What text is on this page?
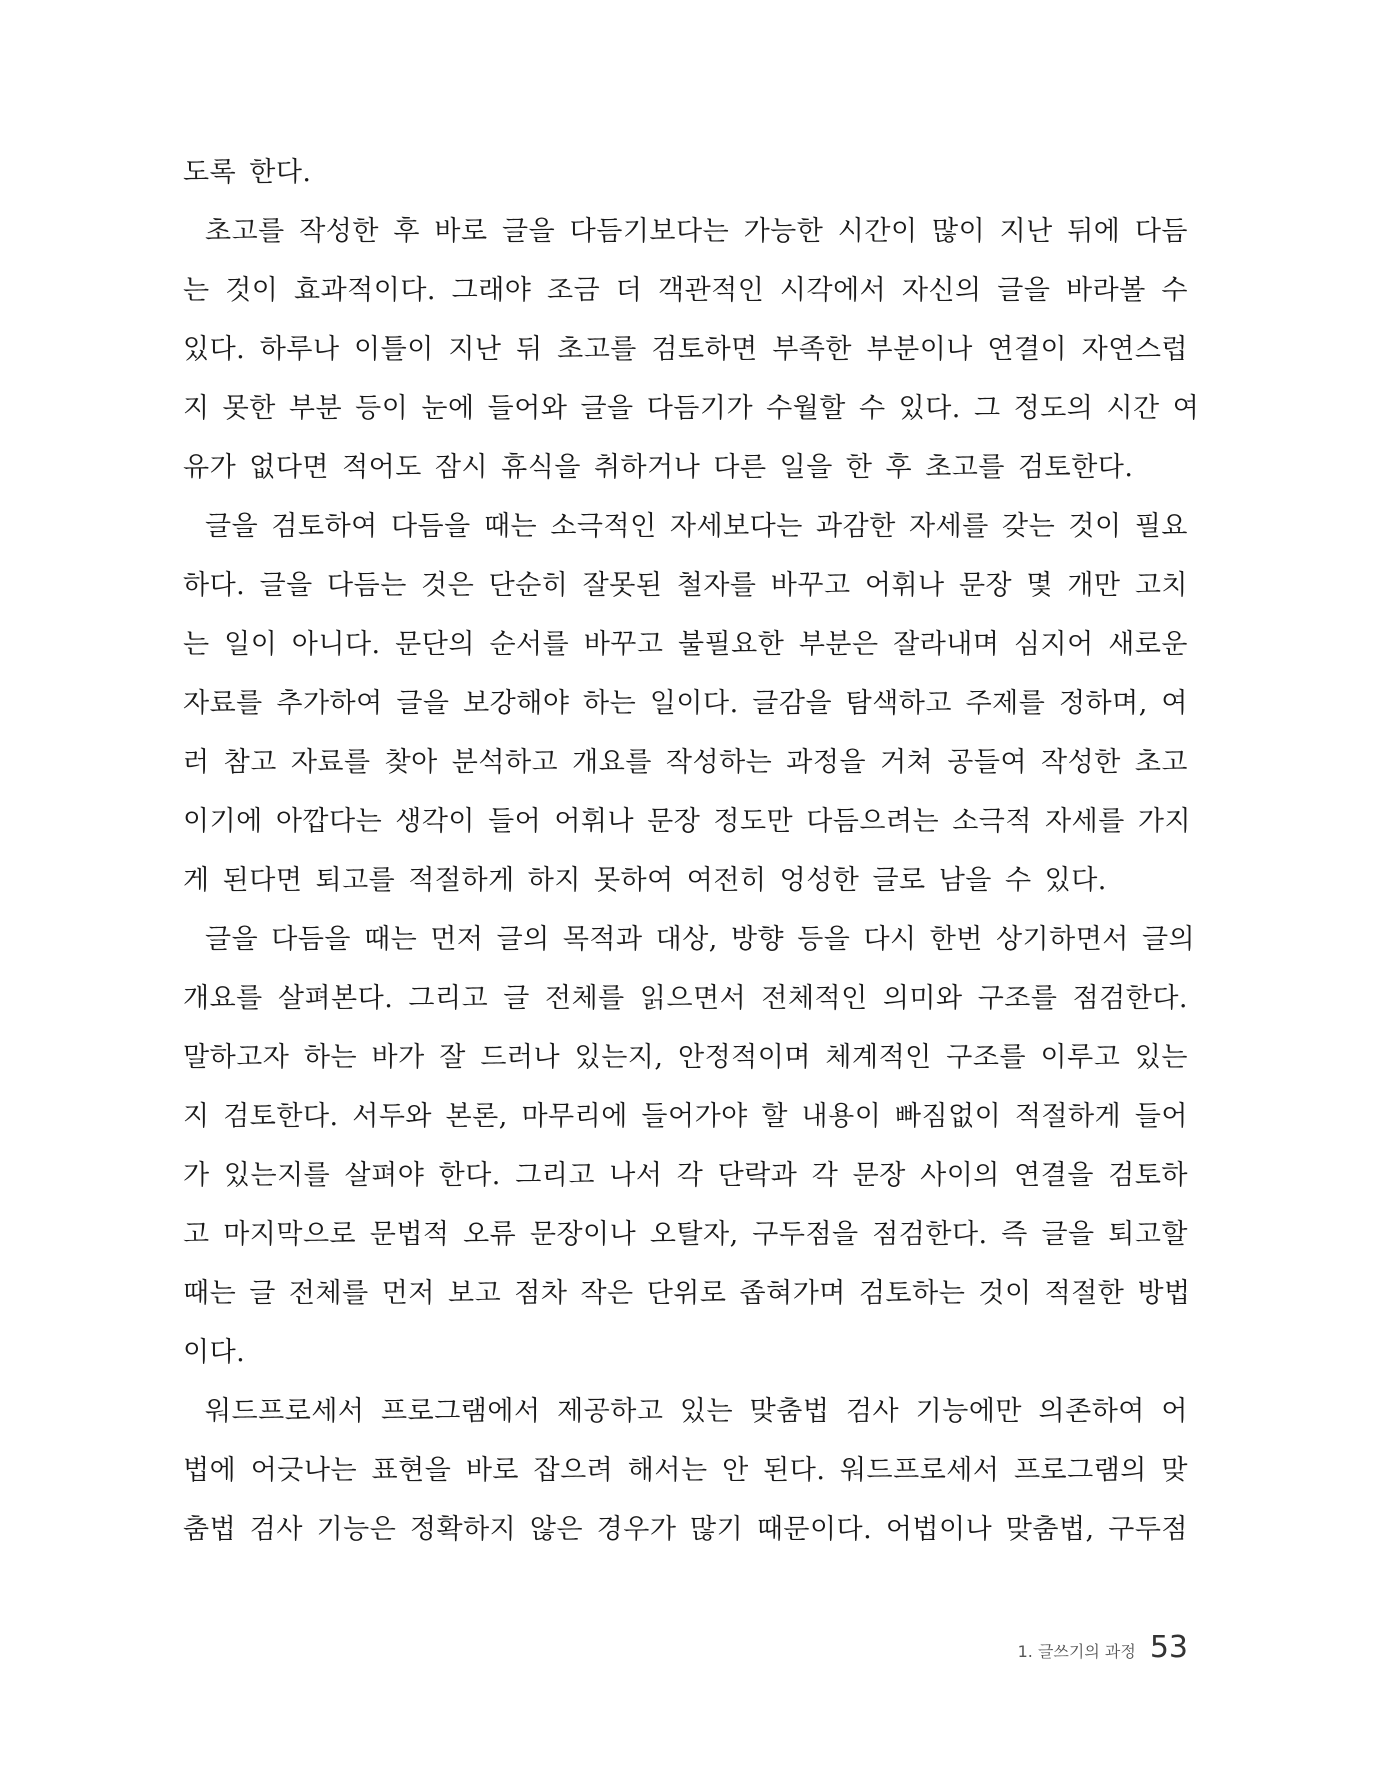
도록 한다.
초고를 작성한 후 바로 글을 다듬기보다는 가능한 시간이 많이 지난 뒤에 다듬
는 것이 효과적이다. 그래야 조금 더 객관적인 시각에서 자신의 글을 바라볼 수
있다. 하루나 이틀이 지난 뒤 초고를 검토하면 부족한 부분이나 연결이 자연스럽
지 못한 부분 등이 눈에 들어와 글을 다듬기가 수월할 수 있다. 그 정도의 시간 여
유가 없다면 적어도 잠시 휴식을 취하거나 다른 일을 한 후 초고를 검토한다.
글을 검토하여 다듬을 때는 소극적인 자세보다는 과감한 자세를 갖는 것이 필요
하다. 글을 다듬는 것은 단순히 잘못된 철자를 바꾸고 어휘나 문장 몇 개만 고치
는 일이 아니다. 문단의 순서를 바꾸고 불필요한 부분은 잘라내며 심지어 새로운
자료를 추가하여 글을 보강해야 하는 일이다. 글감을 탐색하고 주제를 정하며, 여
러 참고 자료를 찾아 분석하고 개요를 작성하는 과정을 거쳐 공들여 작성한 초고
이기에 아깝다는 생각이 들어 어휘나 문장 정도만 다듬으려는 소극적 자세를 가지
게 된다면 퇴고를 적절하게 하지 못하여 여전히 엉성한 글로 남을 수 있다.
글을 다듬을 때는 먼저 글의 목적과 대상, 방향 등을 다시 한번 상기하면서 글의
개요를 살펴본다. 그리고 글 전체를 읽으면서 전체적인 의미와 구조를 점검한다.
말하고자 하는 바가 잘 드러나 있는지, 안정적이며 체계적인 구조를 이루고 있는
지 검토한다. 서두와 본론, 마무리에 들어가야 할 내용이 빠짐없이 적절하게 들어
가 있는지를 살펴야 한다. 그리고 나서 각 단락과 각 문장 사이의 연결을 검토하
고 마지막으로 문법적 오류 문장이나 오탈자, 구두점을 점검한다. 즉 글을 퇴고할
때는 글 전체를 먼저 보고 점차 작은 단위로 좁혀가며 검토하는 것이 적절한 방법
이다.
워드프로세서 프로그램에서 제공하고 있는 맞춤법 검사 기능에만 의존하여 어
법에 어긋나는 표현을 바로 잡으려 해서는 안 된다. 워드프로세서 프로그램의 맞
춤법 검사 기능은 정확하지 않은 경우가 많기 때문이다. 어법이나 맞춤법, 구두점
1. 글쓰기의 과정 53
